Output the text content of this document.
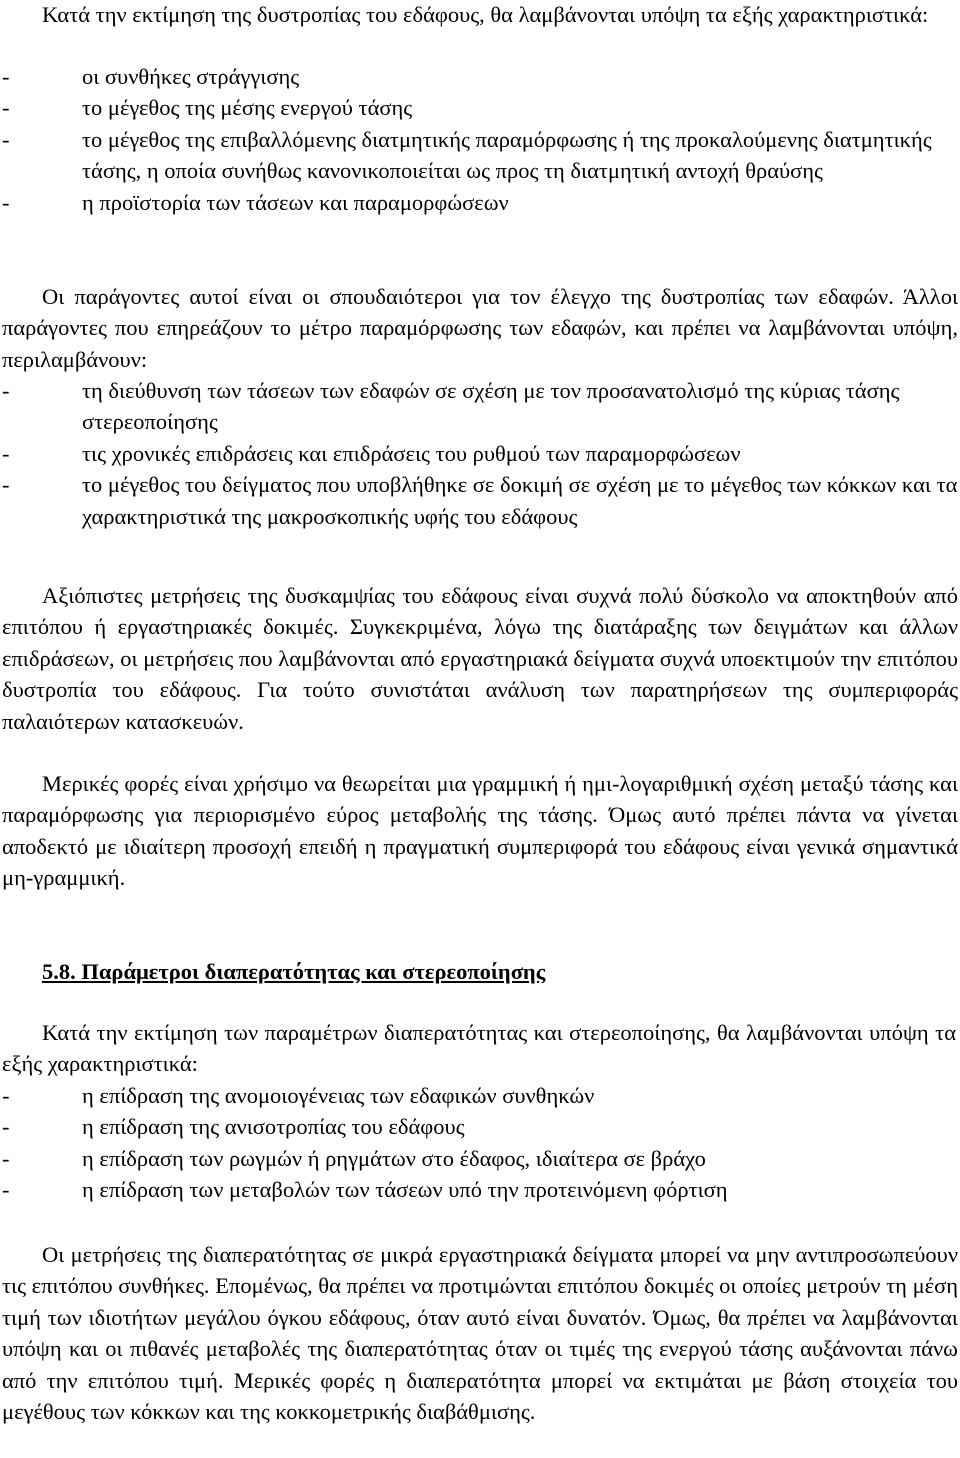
Κατά την εκτίμηση της δυστροπίας του εδάφους, θα λαμβάνονται υπόψη τα εξής χαρακτηριστικά:

-	οι συνθήκες στράγγισης
-	το μέγεθος της μέσης ενεργού τάσης
-	το μέγεθος της επιβαλλόμενης διατμητικής παραμόρφωσης ή της προκαλούμενης διατμητικής τάσης, η οποία συνήθως κανονικοποιείται ως προς τη διατμητική αντοχή θραύσης
-	η προϊστορία των τάσεων και παραμορφώσεων

Οι παράγοντες αυτοί είναι οι σπουδαιότεροι για τον έλεγχο της δυστροπίας των εδαφών. Άλλοι παράγοντες που επηρεάζουν το μέτρο παραμόρφωσης των εδαφών, και πρέπει να λαμβάνονται υπόψη, περιλαμβάνουν:

-	τη διεύθυνση των τάσεων των εδαφών σε σχέση με τον προσανατολισμό της κύριας τάσης στερεοποίησης
-	τις χρονικές επιδράσεις και επιδράσεις του ρυθμού των παραμορφώσεων
-	το μέγεθος του δείγματος που υποβλήθηκε σε δοκιμή σε σχέση με το μέγεθος των κόκκων και τα χαρακτηριστικά της μακροσκοπικής υφής του εδάφους

Αξιόπιστες μετρήσεις της δυσκαμψίας του εδάφους είναι συχνά πολύ δύσκολο να αποκτηθούν από επιτόπου ή εργαστηριακές δοκιμές. Συγκεκριμένα, λόγω της διατάραξης των δειγμάτων και άλλων επιδράσεων, οι μετρήσεις που λαμβάνονται από εργαστηριακά δείγματα συχνά υποεκτιμούν την επιτόπου δυστροπία του εδάφους. Για τούτο συνιστάται ανάλυση των παρατηρήσεων της συμπεριφοράς παλαιότερων κατασκευών.

Μερικές φορές είναι χρήσιμο να θεωρείται μια γραμμική ή ημι-λογαριθμική σχέση μεταξύ τάσης και παραμόρφωσης για περιορισμένο εύρος μεταβολής της τάσης. Όμως αυτό πρέπει πάντα να γίνεται αποδεκτό με ιδιαίτερη προσοχή επειδή η πραγματική συμπεριφορά του εδάφους είναι γενικά σημαντικά μη-γραμμική.

5.8. Παράμετροι διαπερατότητας και στερεοποίησης

Κατά την εκτίμηση των παραμέτρων διαπερατότητας και στερεοποίησης, θα λαμβάνονται υπόψη τα εξής χαρακτηριστικά:

-	η επίδραση της ανομοιογένειας των εδαφικών συνθηκών
-	η επίδραση της ανισοτροπίας του εδάφους
-	η επίδραση των ρωγμών ή ρηγμάτων στο έδαφος, ιδιαίτερα σε βράχο
-	η επίδραση των μεταβολών των τάσεων υπό την προτεινόμενη φόρτιση

Οι μετρήσεις της διαπερατότητας σε μικρά εργαστηριακά δείγματα μπορεί να μην αντιπροσωπεύουν τις επιτόπου συνθήκες. Επομένως, θα πρέπει να προτιμώνται επιτόπου δοκιμές οι οποίες μετρούν τη μέση τιμή των ιδιοτήτων μεγάλου όγκου εδάφους, όταν αυτό είναι δυνατόν. Όμως, θα πρέπει να λαμβάνονται υπόψη και οι πιθανές μεταβολές της διαπερατότητας όταν οι τιμές της ενεργού τάσης αυξάνονται πάνω από την επιτόπου τιμή. Μερικές φορές η διαπερατότητα μπορεί να εκτιμάται με βάση στοιχεία του μεγέθους των κόκκων και της κοκκομετρικής διαβάθμισης.
